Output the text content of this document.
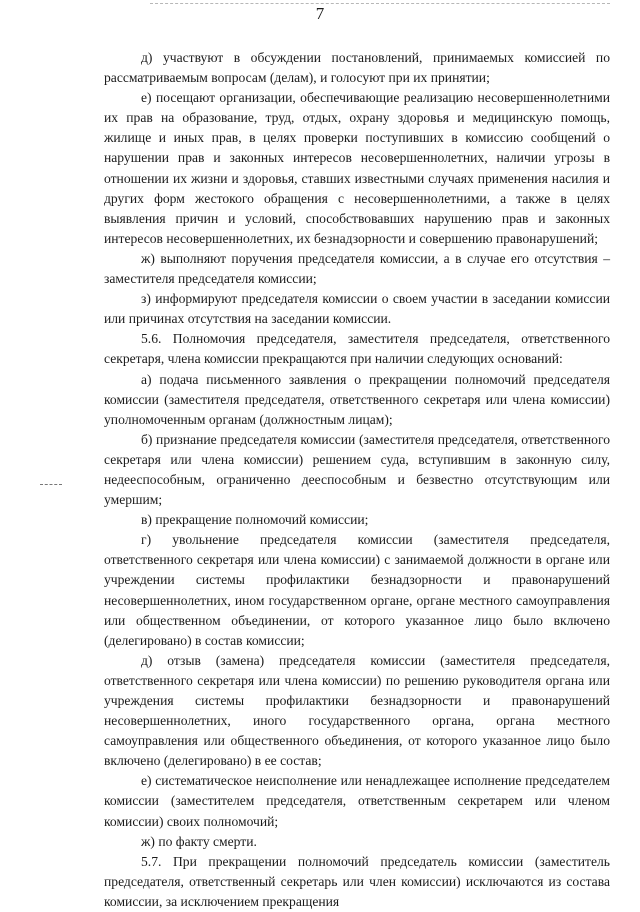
7

д) участвуют в обсуждении постановлений, принимаемых комиссией по рассматриваемым вопросам (делам), и голосуют при их принятии;

е) посещают организации, обеспечивающие реализацию несовершеннолетними их прав на образование, труд, отдых, охрану здоровья и медицинскую помощь, жилище и иных прав, в целях проверки поступивших в комиссию сообщений о нарушении прав и законных интересов несовершеннолетних, наличии угрозы в отношении их жизни и здоровья, ставших известными случаях применения насилия и других форм жестокого обращения с несовершеннолетними, а также в целях выявления причин и условий, способствовавших нарушению прав и законных интересов несовершеннолетних, их безнадзорности и совершению правонарушений;

ж) выполняют поручения председателя комиссии, а в случае его отсутствия – заместителя председателя комиссии;

з) информируют председателя комиссии о своем участии в заседании комиссии или причинах отсутствия на заседании комиссии.

5.6. Полномочия председателя, заместителя председателя, ответственного секретаря, члена комиссии прекращаются при наличии следующих оснований:

а) подача письменного заявления о прекращении полномочий председателя комиссии (заместителя председателя, ответственного секретаря или члена комиссии) уполномоченным органам (должностным лицам);

б) признание председателя комиссии (заместителя председателя, ответственного секретаря или члена комиссии) решением суда, вступившим в законную силу, недееспособным, ограниченно дееспособным и безвестно отсутствующим или умершим;

в) прекращение полномочий комиссии;

г) увольнение председателя комиссии (заместителя председателя, ответственного секретаря или члена комиссии) с занимаемой должности в органе или учреждении системы профилактики безнадзорности и правонарушений несовершеннолетних, ином государственном органе, органе местного самоуправления или общественном объединении, от которого указанное лицо было включено (делегировано) в состав комиссии;

д) отзыв (замена) председателя комиссии (заместителя председателя, ответственного секретаря или члена комиссии) по решению руководителя органа или учреждения системы профилактики безнадзорности и правонарушений несовершеннолетних, иного государственного органа, органа местного самоуправления или общественного объединения, от которого указанное лицо было включено (делегировано) в ее состав;

е) систематическое неисполнение или ненадлежащее исполнение председателем комиссии (заместителем председателя, ответственным секретарем или членом комиссии) своих полномочий;

ж) по факту смерти.

5.7. При прекращении полномочий председатель комиссии (заместитель председателя, ответственный секретарь или член комиссии) исключаются из состава комиссии, за исключением прекращения
